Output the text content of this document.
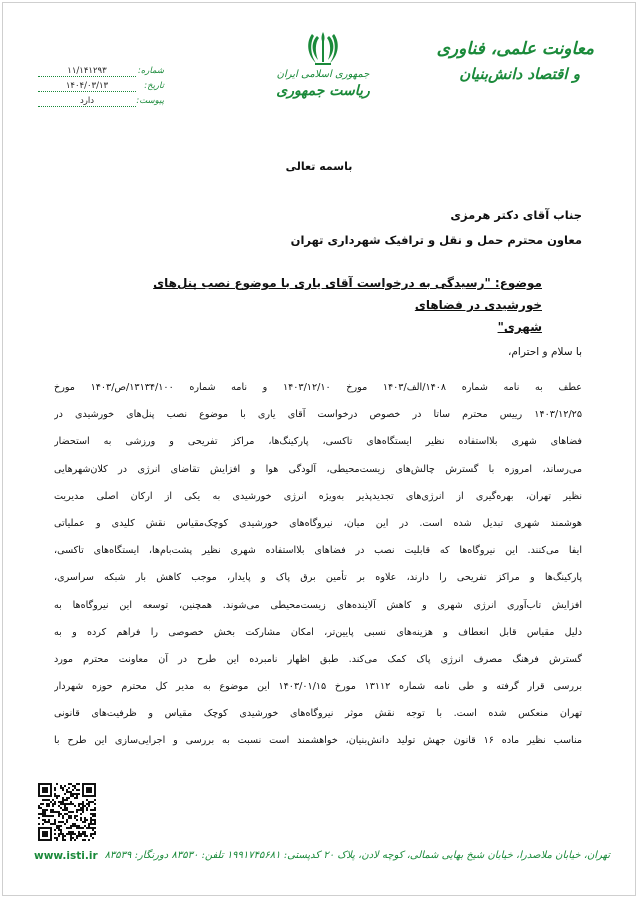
معاونت علمی، فناوری
و اقتصاد دانش‌بنیان
جمهوری اسلامی ایران
ریاست جمهوری
شماره:
۱۱/۱۴۱۲۹۳
تاریخ:
۱۴۰۴/۰۳/۱۳
پیوست:
دارد
باسمه تعالی
جناب آقای دکتر هرمزی
معاون محترم حمل و نقل و ترافیک شهرداری تهران
موضوع: "رسیدگی به درخواست آقای یاری با موضوع نصب پنل‌های خورشیدی در فضاهای
شهری"
با سلام و احترام،
عطف به نامه شماره ۱۴۰۸/الف/۱۴۰۳ مورخ ۱۴۰۳/۱۲/۱۰ و نامه شماره ۱۳۱۳۴/۱۰۰/ص/۱۴۰۳ مورخ
۱۴۰۳/۱۲/۲۵ رییس محترم ساتا در خصوص درخواست آقای یاری با موضوع نصب پنل‌های خورشیدی در
فضاهای شهری بلااستفاده نظیر ایستگاه‌های تاکسی، پارکینگ‌ها، مراکز تفریحی و ورزشی به استحضار
می‌رساند، امروزه با گسترش چالش‌های زیست‌محیطی، آلودگی هوا و افزایش تقاضای انرژی در کلان‌شهرهایی
نظیر تهران، بهره‌گیری از انرژی‌های تجدیدپذیر به‌ویژه انرژی خورشیدی به یکی از ارکان اصلی مدیریت
هوشمند شهری تبدیل شده است. در این میان، نیروگاه‌های خورشیدی کوچک‌مقیاس نقش کلیدی و عملیاتی
ایفا می‌کنند. این نیروگاه‌ها که قابلیت نصب در فضاهای بلااستفاده شهری نظیر پشت‌بام‌ها، ایستگاه‌های تاکسی،
پارکینگ‌ها و مراکز تفریحی را دارند، علاوه بر تأمین برق پاک و پایدار، موجب کاهش بار شبکه سراسری،
افزایش تاب‌آوری انرژی شهری و کاهش آلاینده‌های زیست‌محیطی می‌شوند. همچنین، توسعه این نیروگاه‌ها به
دلیل مقیاس قابل انعطاف و هزینه‌های نسبی پایین‌تر، امکان مشارکت بخش خصوصی را فراهم کرده و به
گسترش فرهنگ مصرف انرژی پاک کمک می‌کند. طبق اظهار نامبرده این طرح در آن معاونت محترم مورد
بررسی قرار گرفته و طی نامه شماره ۱۳۱۱۲ مورخ ۱۴۰۳/۰۱/۱۵ این موضوع به مدیر کل محترم حوزه شهردار
تهران منعکس شده است. با توجه نقش موثر نیروگاه‌های خورشیدی کوچک مقیاس و ظرفیت‌های قانونی
مناسب نظیر ماده ۱۶ قانون جهش تولید دانش‌بنیان، خواهشمند است نسبت به بررسی و اجرایی‌سازی این طرح با
تهران، خیابان ملاصدرا، خیابان شیخ بهایی شمالی، کوچه لادن، پلاک ۲۰ کدپستی: ۱۹۹۱۷۴۵۶۸۱ تلفن: ۸۳۵۳۰ دورنگار: ۸۳۵۳۹
www.isti.ir
